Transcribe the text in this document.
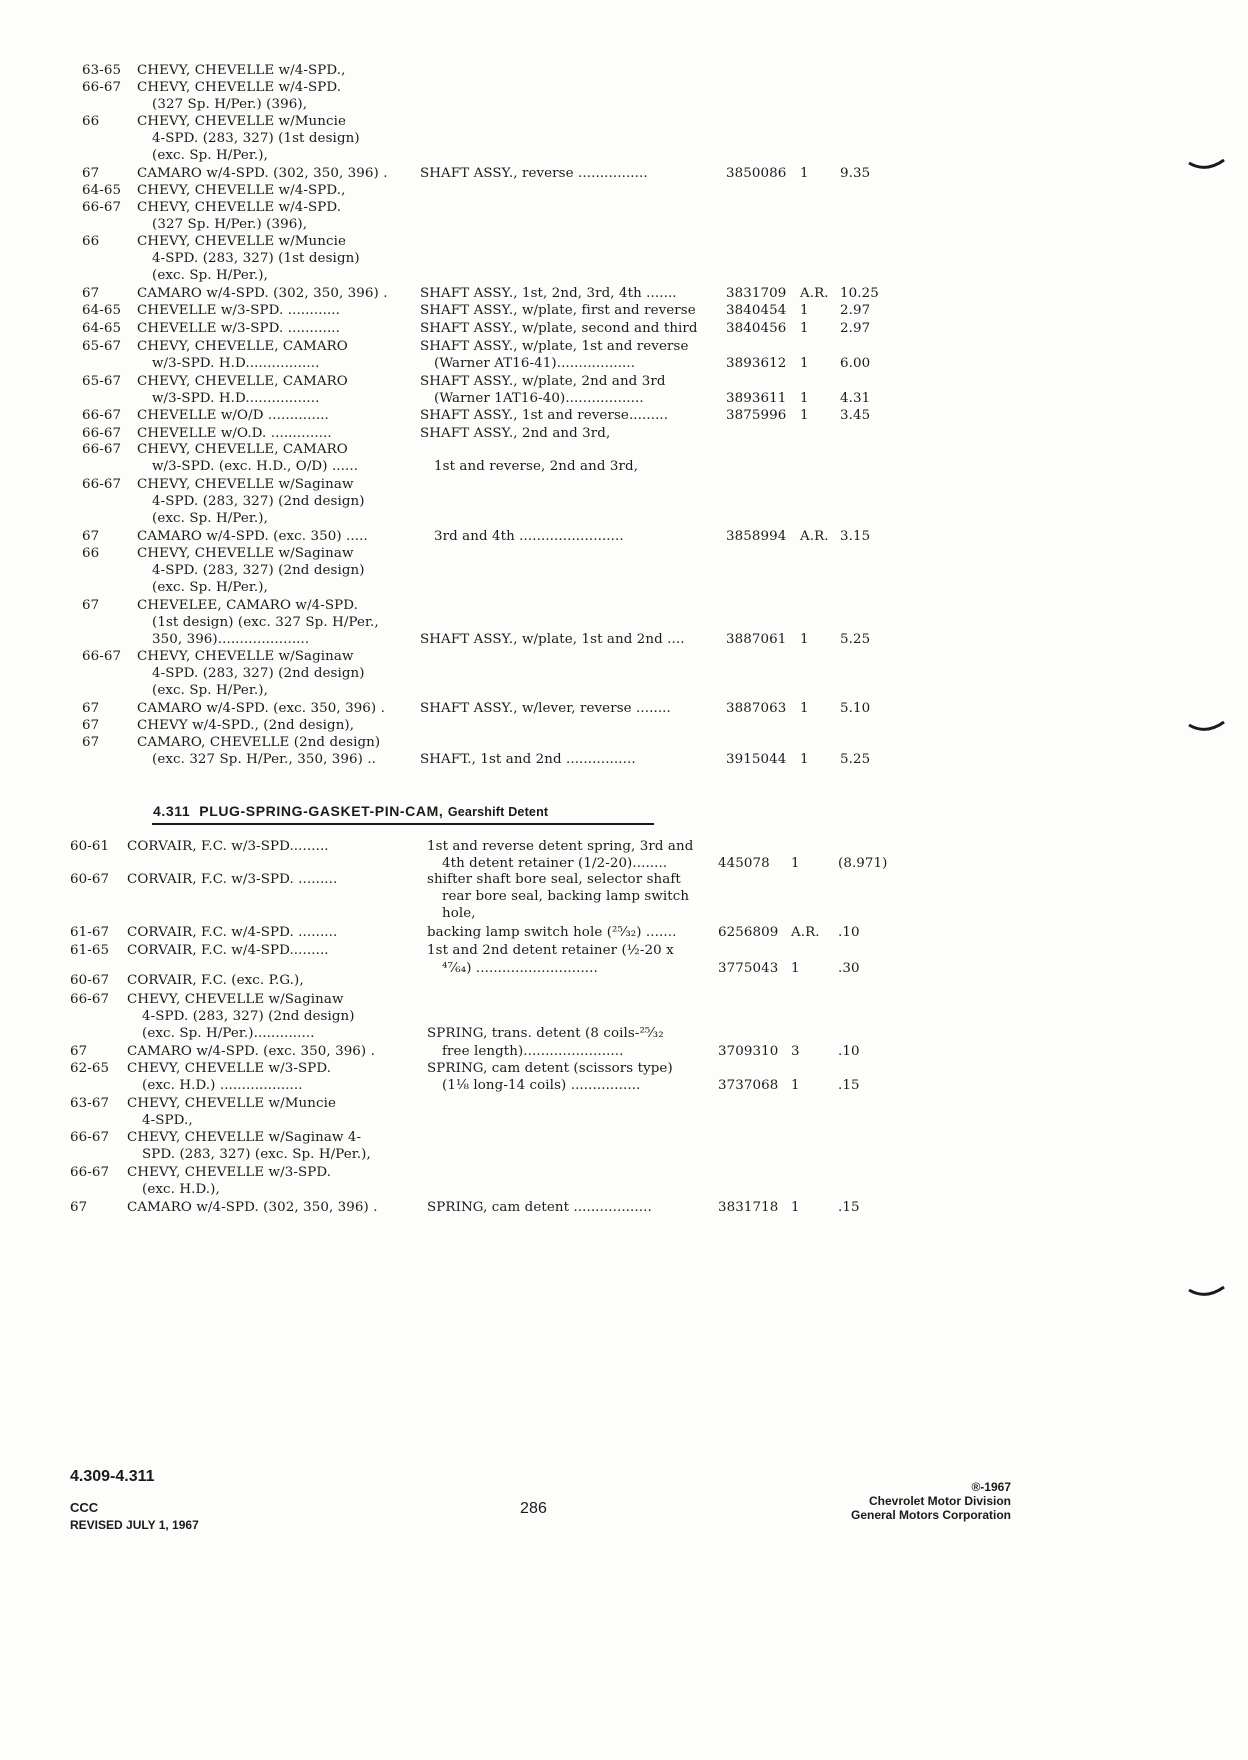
63-65 CHEVY, CHEVELLE w/4-SPD.,
66-67 CHEVY, CHEVELLE w/4-SPD.
(327 Sp. H/Per.) (396),
66	CHEVY, CHEVELLE w/Muncie
4-SPD. (283, 327) (1st design)
(exc. Sp. H/Per.),
67	CAMARO w/4-SPD. (302, 350, 396) . SHAFT ASSY., reverse ................	3850086 1 9.35
64-65 CHEVY, CHEVELLE w/4-SPD.,
66-67 CHEVY, CHEVELLE w/4-SPD.
(327 Sp. H/Per.) (396),
66	CHEVY, CHEVELLE w/Muncie
4-SPD. (283, 327) (1st design)
(exc. Sp. H/Per.),
67	CAMARO w/4-SPD. (302, 350, 396) . SHAFT ASSY., 1st, 2nd, 3rd, 4th .......	3831709 A.R. 10.25
64-65 CHEVELLE w/3-SPD. ............	SHAFT ASSY., w/plate, first and reverse 3840454 1 2.97
64-65 CHEVELLE w/3-SPD. ............	SHAFT ASSY., w/plate, second and third 3840456 1 2.97
65-67 CHEVY, CHEVELLE, CAMARO	SHAFT ASSY., w/plate, 1st and reverse
w/3-SPD. H.D.................	(Warner AT16-41)..................	3893612 1 6.00
65-67 CHEVY, CHEVELLE, CAMARO	SHAFT ASSY., w/plate, 2nd and 3rd
w/3-SPD. H.D.................	(Warner 1AT16-40)..................	3893611 1 4.31
66-67 CHEVELLE w/O/D ..............	SHAFT ASSY., 1st and reverse.........	3875996 1 3.45
66-67 CHEVELLE w/O.D. ..............	SHAFT ASSY., 2nd and 3rd,
66-67 CHEVY, CHEVELLE, CAMARO
w/3-SPD. (exc. H.D., O/D) ......	1st and reverse, 2nd and 3rd,
66-67 CHEVY, CHEVELLE w/Saginaw
4-SPD. (283, 327) (2nd design)
(exc. Sp. H/Per.),
67	CAMARO w/4-SPD. (exc. 350) .....	3rd and 4th ........................	3858994 A.R. 3.15
66	CHEVY, CHEVELLE w/Saginaw
4-SPD. (283, 327) (2nd design)
(exc. Sp. H/Per.),
67	CHEVELEE, CAMARO w/4-SPD.
(1st design) (exc. 327 Sp. H/Per.,
350, 396).....................	SHAFT ASSY., w/plate, 1st and 2nd ....	3887061 1 5.25
66-67 CHEVY, CHEVELLE w/Saginaw
4-SPD. (283, 327) (2nd design)
(exc. Sp. H/Per.),
67	CAMARO w/4-SPD. (exc. 350, 396) .	SHAFT ASSY., w/lever, reverse ........	3887063 1 5.10
67	CHEVY w/4-SPD., (2nd design),
67	CAMARO, CHEVELLE (2nd design)
(exc. 327 Sp. H/Per., 350, 396) ..	SHAFT., 1st and 2nd ................	3915044 1 5.25
4.311 PLUG-SPRING-GASKET-PIN-CAM, Gearshift Detent
60-61 CORVAIR, F.C. w/3-SPD.........	1st and reverse detent spring, 3rd and
4th detent retainer (1/2-20)........	445078 1	(8.971)
60-67 CORVAIR, F.C. w/3-SPD. .........	shifter shaft bore seal, selector shaft
rear bore seal, backing lamp switch
hole,
61-67 CORVAIR, F.C. w/4-SPD. .........	backing lamp switch hole (²⁵⁄₃₂) .......	6256809 A.R. .10
61-65 CORVAIR, F.C. w/4-SPD.........	1st and 2nd detent retainer (½-20 x
⁴⁷⁄₆₄) ............................	3775043 1	.30
60-67 CORVAIR, F.C. (exc. P.G.),
66-67 CHEVY, CHEVELLE w/Saginaw
4-SPD. (283, 327) (2nd design)
(exc. Sp. H/Per.)..............	SPRING, trans. detent (8 coils-²⁵⁄₃₂
67	CAMARO w/4-SPD. (exc. 350, 396) .	free length).......................	3709310 3	.10
62-65 CHEVY, CHEVELLE w/3-SPD.	SPRING, cam detent (scissors type)
(exc. H.D.) ...................	(1⅛ long-14 coils) ................	3737068 1	.15
63-67 CHEVY, CHEVELLE w/Muncie
4-SPD.,
66-67 CHEVY, CHEVELLE w/Saginaw 4-
SPD. (283, 327) (exc. Sp. H/Per.),
66-67 CHEVY, CHEVELLE w/3-SPD.
(exc. H.D.),
67	CAMARO w/4-SPD. (302, 350, 396) .	SPRING, cam detent ..................	3831718 1	.15
4.309-4.311
CCC
REVISED JULY 1, 1967
286
®-1967
Chevrolet Motor Division
General Motors Corporation
